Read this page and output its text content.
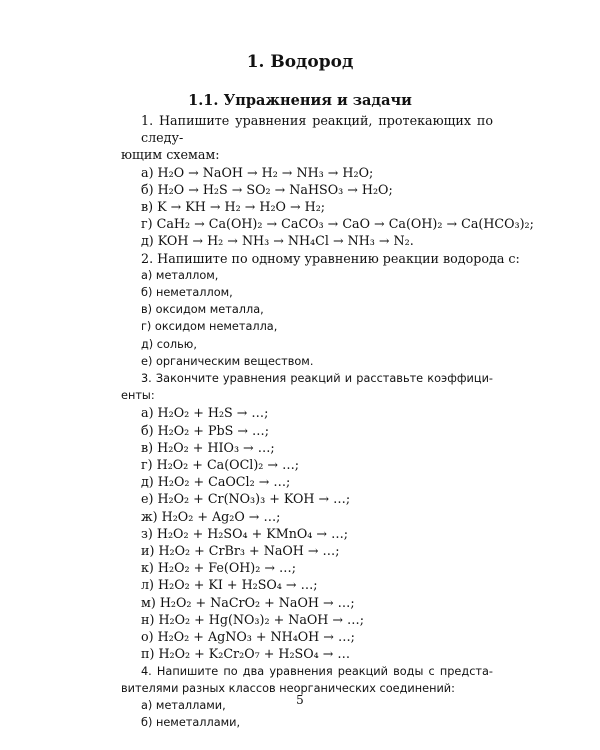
1. Водород
1.1. Упражнения и задачи

1. Напишите уравнения реакций, протекающих по следу-

ющим схемам:

а) H₂O → NaOH → H₂ → NH₃ → H₂O;

б) H₂O → H₂S → SO₂ → NaHSO₃ → H₂O;

в) K → KH → H₂ → H₂O → H₂;

г) CaH₂ → Ca(OH)₂ → CaCO₃ → CaO → Ca(OH)₂ → Ca(HCO₃)₂;

д) KOH → H₂ → NH₃ → NH₄Cl → NH₃ → N₂.

2. Напишите по одному уравнению реакции водорода с:

а) металлом,

б) неметаллом,

в) оксидом металла,

г) оксидом неметалла,

д) солью,

е) органическим веществом.

3. Закончите уравнения реакций и расставьте коэффици-

енты:

а) H₂O₂ + H₂S → …;

б) H₂O₂ + PbS → …;

в) H₂O₂ + HIO₃ → …;

г) H₂O₂ + Ca(OCl)₂ → …;

д) H₂O₂ + CaOCl₂ → …;

е) H₂O₂ + Cr(NO₃)₃ + KOH → …;

ж) H₂O₂ + Ag₂O → …;

з) H₂O₂ + H₂SO₄ + KMnO₄ → …;

и) H₂O₂ + CrBr₃ + NaOH → …;

к) H₂O₂ + Fe(OH)₂ → …;

л) H₂O₂ + KI + H₂SO₄ → …;

м) H₂O₂ + NaCrO₂ + NaOH → …;

н) H₂O₂ + Hg(NO₃)₂ + NaOH → …;

о) H₂O₂ + AgNO₃ + NH₄OH → …;

п) H₂O₂ + K₂Cr₂O₇ + H₂SO₄ → …

4. Напишите по два уравнения реакций воды с предста-

вителями разных классов неорганических соединений:

а) металлами,

б) неметаллами,

5
